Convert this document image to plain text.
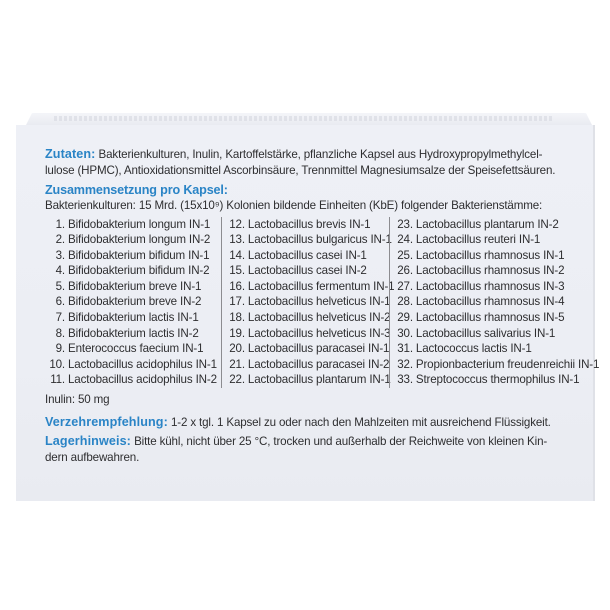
Zutaten: Bakterienkulturen, Inulin, Kartoffelstärke, pflanzliche Kapsel aus Hydroxypropylmethylcel-
lulose (HPMC), Antioxidationsmittel Ascorbinsäure, Trennmittel Magnesiumsalze der Speisefettsäuren.

Zusammensetzung pro Kapsel:
Bakterienkulturen: 15 Mrd. (15x10⁹) Kolonien bildende Einheiten (KbE) folgender Bakterienstämme:
1. Bifidobakterium longum IN-1
2. Bifidobakterium longum IN-2
3. Bifidobakterium bifidum IN-1
4. Bifidobakterium bifidum IN-2
5. Bifidobakterium breve IN-1
6. Bifidobakterium breve IN-2
7. Bifidobakterium lactis IN-1
8. Bifidobakterium lactis IN-2
9. Enterococcus faecium IN-1
10. Lactobacillus acidophilus IN-1
11. Lactobacillus acidophilus IN-2
12. Lactobacillus brevis IN-1
13. Lactobacillus bulgaricus IN-1
14. Lactobacillus casei IN-1
15. Lactobacillus casei IN-2
16. Lactobacillus fermentum IN-1
17. Lactobacillus helveticus IN-1
18. Lactobacillus helveticus IN-2
19. Lactobacillus helveticus IN-3
20. Lactobacillus paracasei IN-1
21. Lactobacillus paracasei IN-2
22. Lactobacillus plantarum IN-1
23. Lactobacillus plantarum IN-2
24. Lactobacillus reuteri IN-1
25. Lactobacillus rhamnosus IN-1
26. Lactobacillus rhamnosus IN-2
27. Lactobacillus rhamnosus IN-3
28. Lactobacillus rhamnosus IN-4
29. Lactobacillus rhamnosus IN-5
30. Lactobacillus salivarius IN-1
31. Lactococcus lactis IN-1
32. Propionbacterium freudenreichii IN-1
33. Streptococcus thermophilus IN-1
Inulin: 50 mg

Verzehrempfehlung: 1-2 x tgl. 1 Kapsel zu oder nach den Mahlzeiten mit ausreichend Flüssigkeit.

Lagerhinweis: Bitte kühl, nicht über 25 °C, trocken und außerhalb der Reichweite von kleinen Kin-
dern aufbewahren.
